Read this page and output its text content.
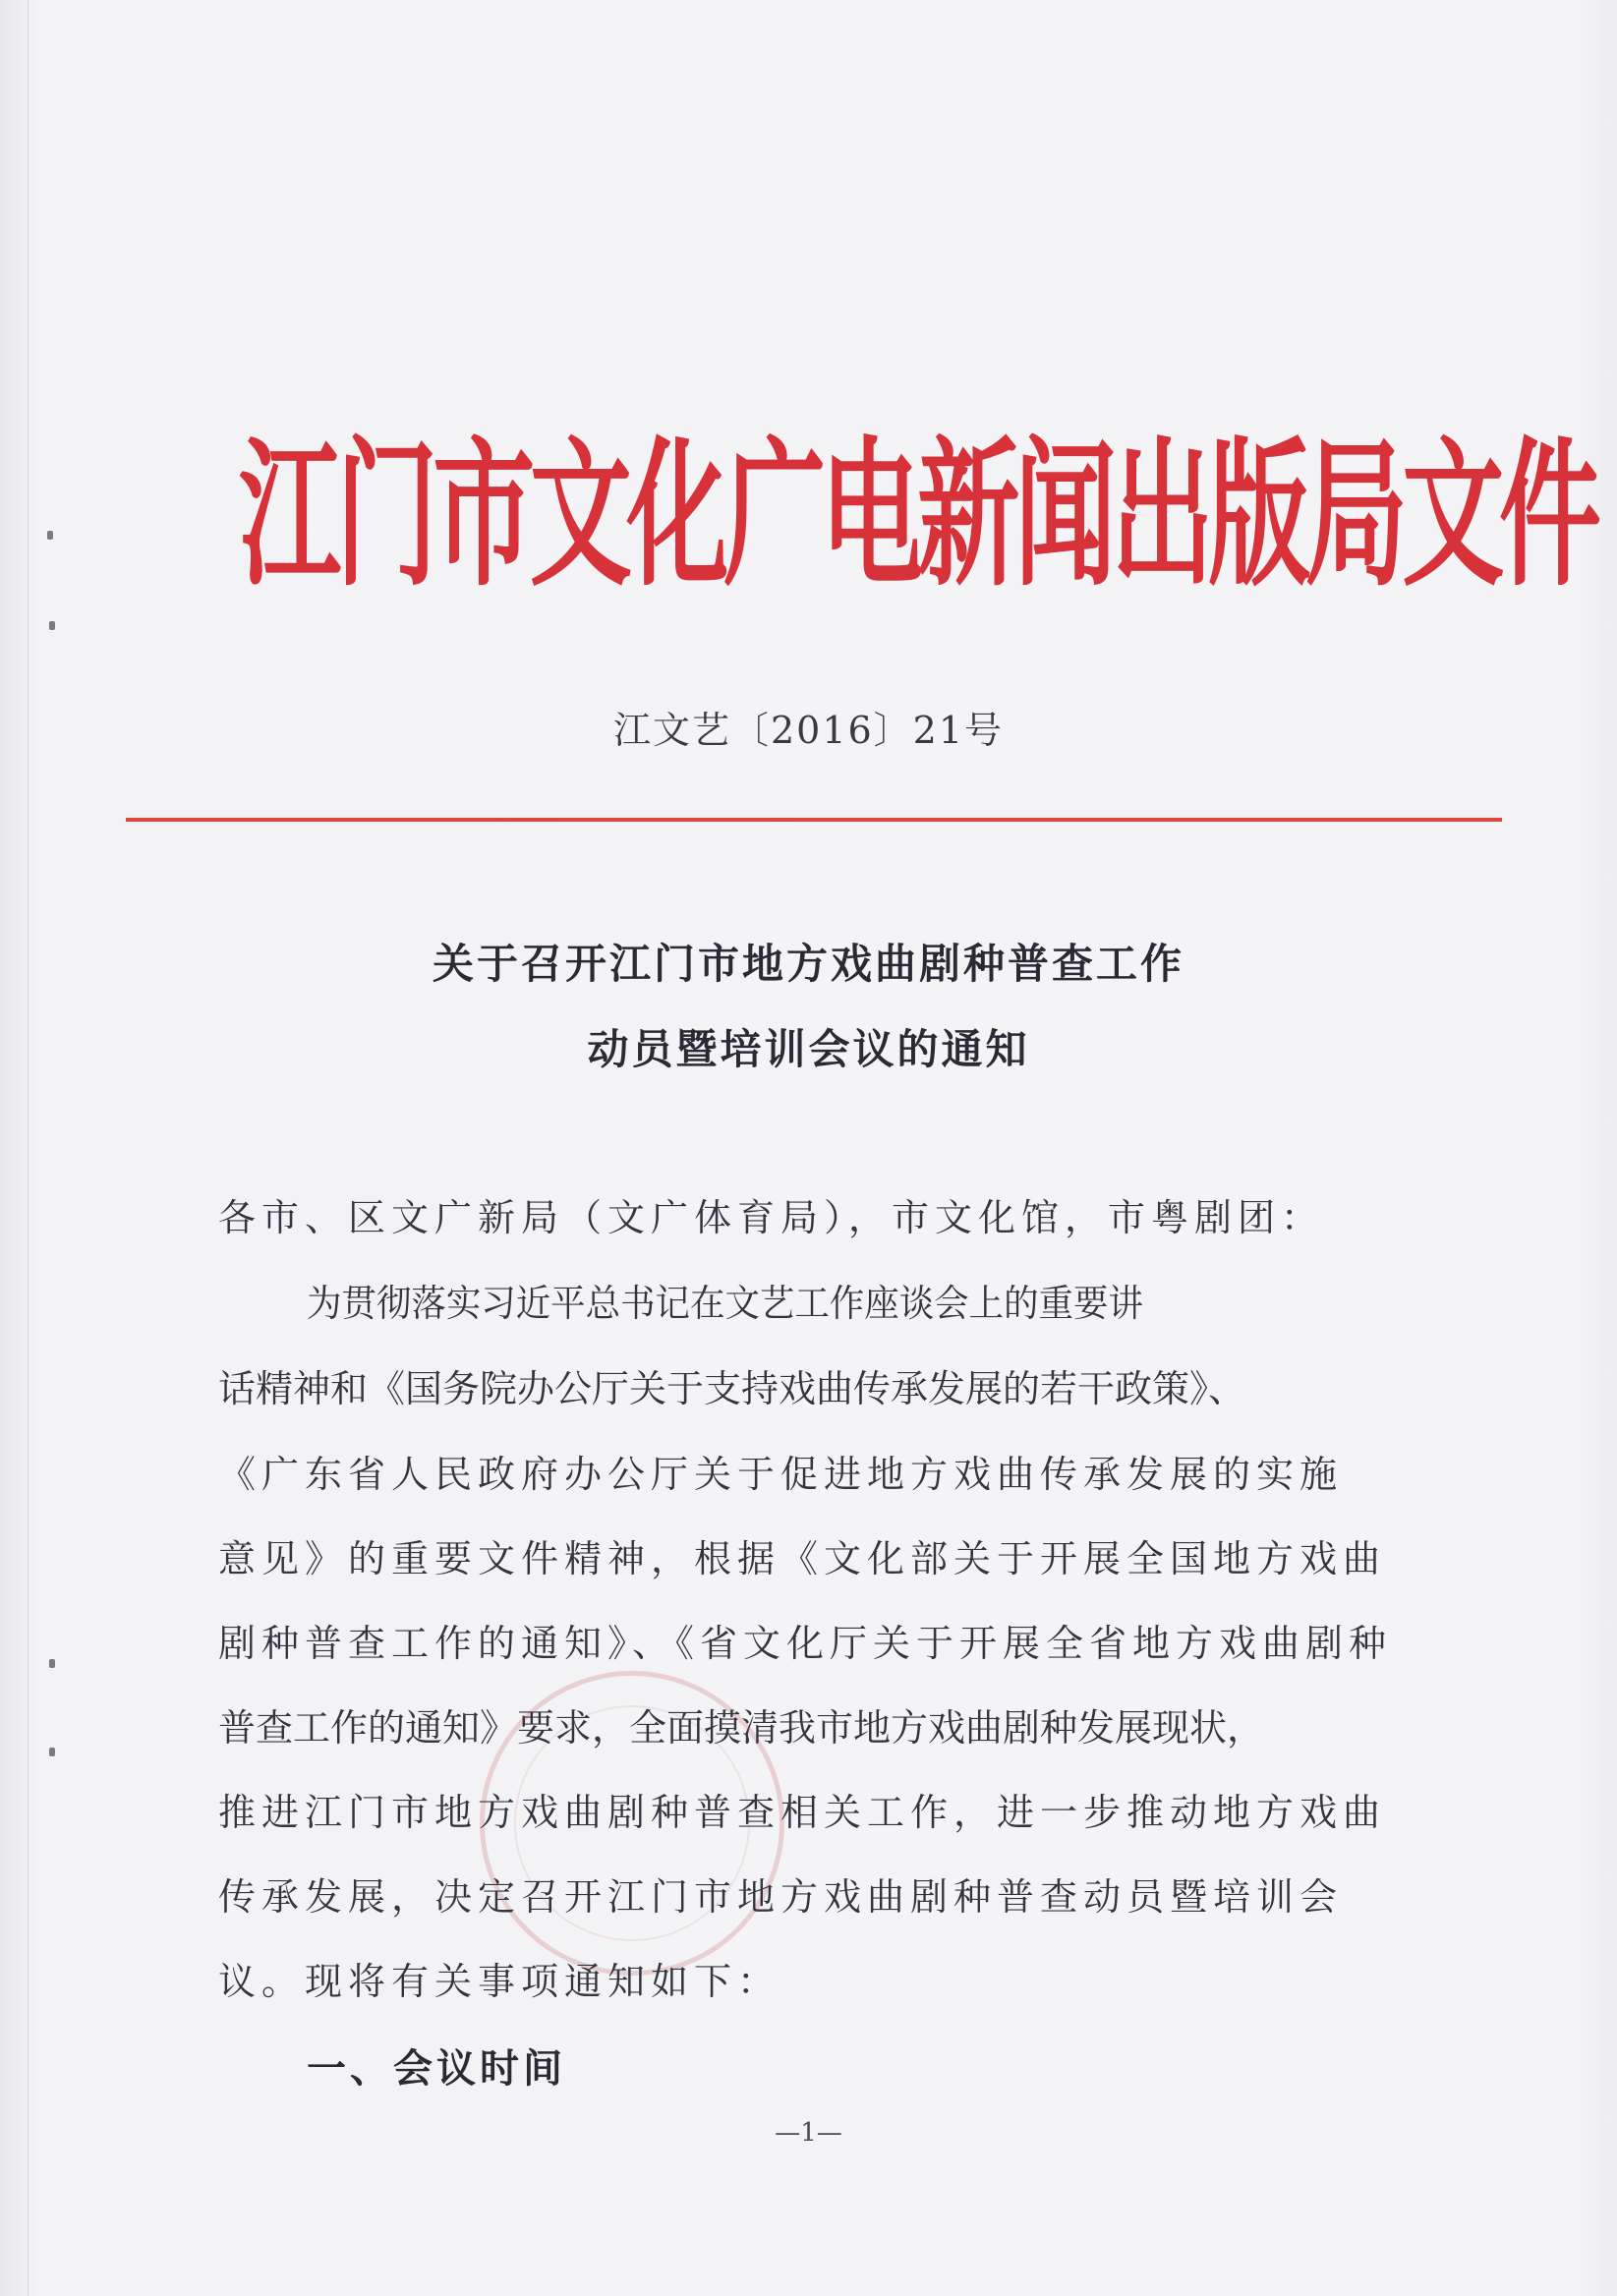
江门市文化广电新闻出版局文件
江文艺〔2016〕21号
关于召开江门市地方戏曲剧种普查工作
动员暨培训会议的通知
各市、区文广新局（文广体育局），市文化馆，市粤剧团：
为贯彻落实习近平总书记在文艺工作座谈会上的重要讲
话精神和《国务院办公厅关于支持戏曲传承发展的若干政策》、
《广东省人民政府办公厅关于促进地方戏曲传承发展的实施
意见》的重要文件精神，根据《文化部关于开展全国地方戏曲
剧种普查工作的通知》、《省文化厅关于开展全省地方戏曲剧种
普查工作的通知》要求，全面摸清我市地方戏曲剧种发展现状，
推进江门市地方戏曲剧种普查相关工作，进一步推动地方戏曲
传承发展，决定召开江门市地方戏曲剧种普查动员暨培训会
议。现将有关事项通知如下：
一、会议时间
—1—
